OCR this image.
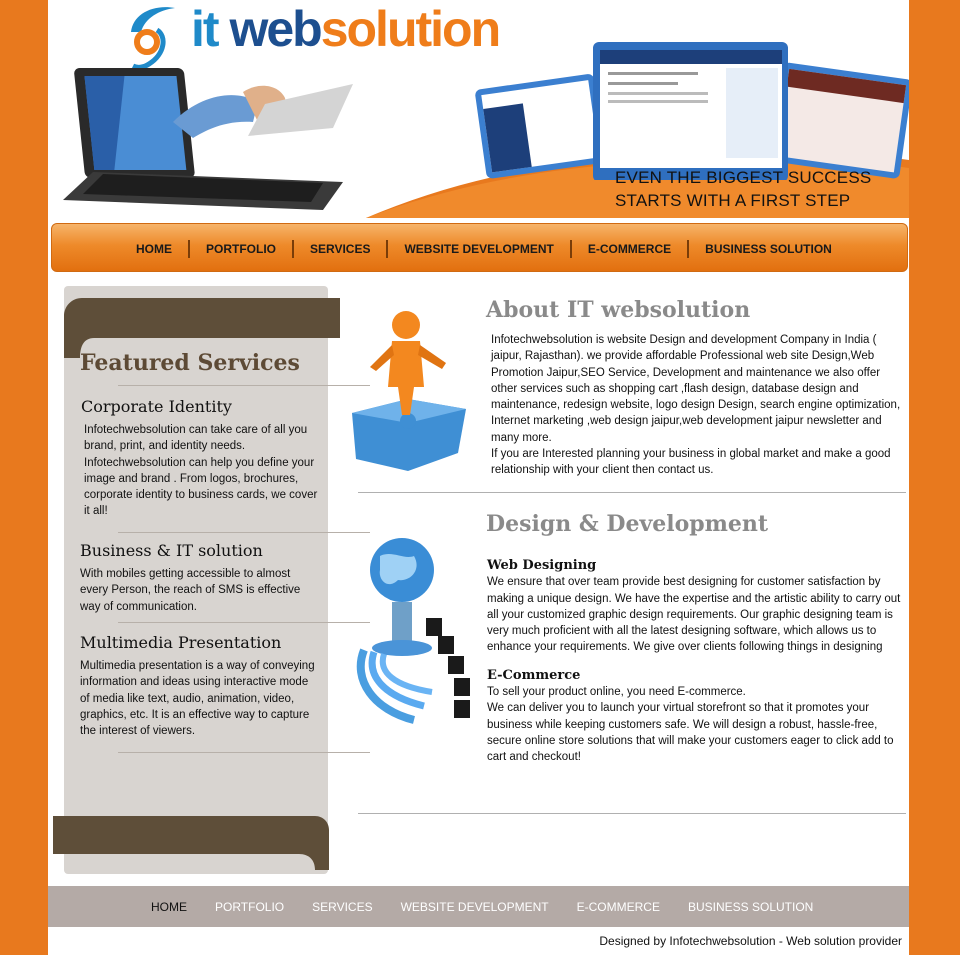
it websolution
EVEN THE BIGGEST SUCCESS
STARTS WITH A FIRST STEP
HOME	PORTFOLIO	SERVICES	WEBSITE DEVELOPMENT	E-COMMERCE	BUSINESS SOLUTION
Featured Services
Corporate Identity

Infotechwebsolution can take care of all you brand, print, and identity needs. Infotechwebsolution can help you define your image and brand . From logos, brochures, corporate identity to business cards, we cover it all!

Business & IT solution

With mobiles getting accessible to almost every Person, the reach of SMS is effective way of communication.

Multimedia Presentation

Multimedia presentation is a way of conveying information and ideas using interactive mode of media like text, audio, animation, video, graphics, etc. It is an effective way to capture the interest of viewers.

About IT websolution

Infotechwebsolution is website Design and development Company in India ( jaipur, Rajasthan). we provide affordable Professional web site Design,Web Promotion Jaipur,SEO Service, Development and maintenance we also offer other services such as shopping cart ,flash design, database design and maintenance, redesign website, logo design Design, search engine optimization, Internet marketing ,web design jaipur,web development jaipur newsletter and many more.

If you are Interested planning your business in global market and make a good relationship with your client then contact us.

Design & Development
Web Designing

We ensure that over team provide best designing for customer satisfaction by making a unique design. We have the expertise and the artistic ability to carry out all your customized graphic design requirements. Our graphic designing team is very much proficient with all the latest designing software, which allows us to enhance your requirements. We give over clients following things in designing

E-Commerce

To sell your product online, you need E-commerce.

We can deliver you to launch your virtual storefront so that it promotes your business while keeping customers safe. We will design a robust, hassle-free, secure online store solutions that will make your customers eager to click add to cart and checkout!

HOME	PORTFOLIO	SERVICES	WEBSITE DEVELOPMENT	E-COMMERCE	BUSINESS SOLUTION
Designed by Infotechwebsolution - Web solution provider
